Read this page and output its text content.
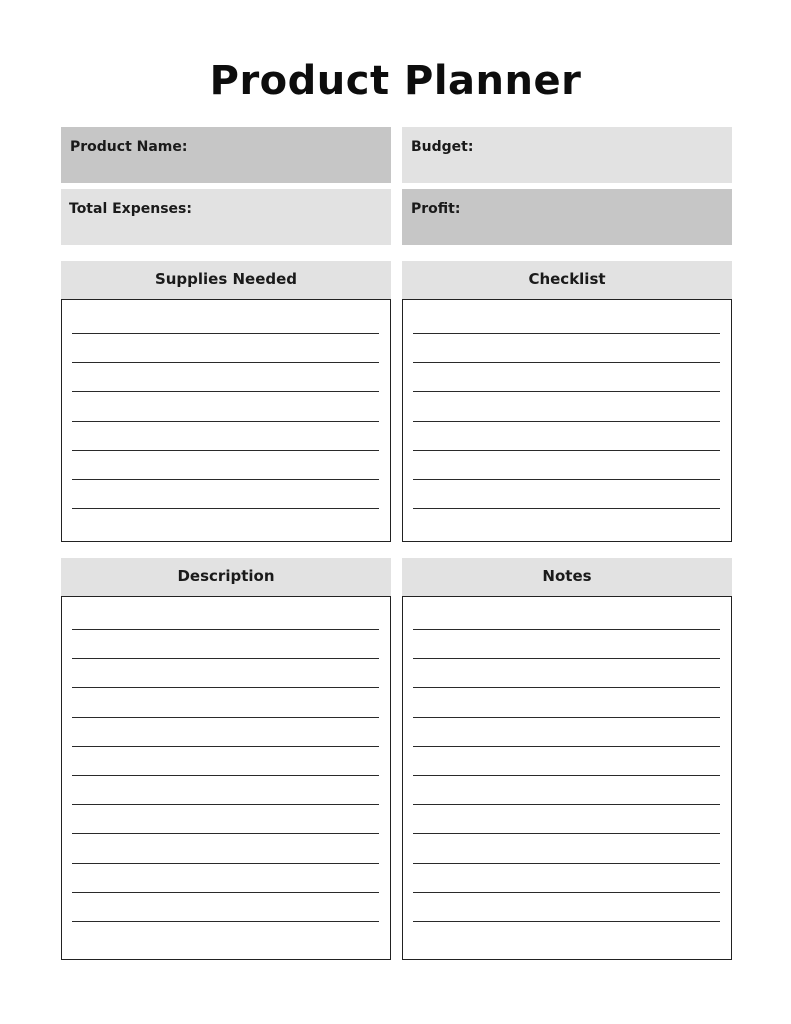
Product Planner
Product Name:	Budget:
Total Expenses:	Profit:
Supplies Needed	Checklist
Description	Notes
